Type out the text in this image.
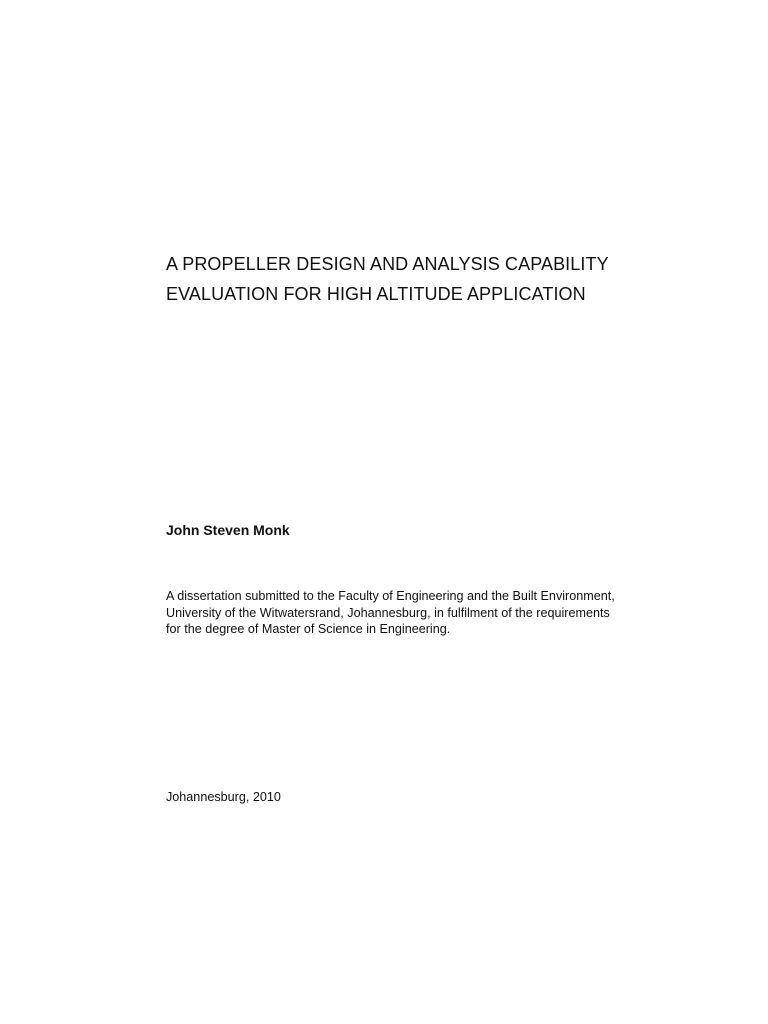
A PROPELLER DESIGN AND ANALYSIS CAPABILITY
EVALUATION FOR HIGH ALTITUDE APPLICATION
John Steven Monk
A dissertation submitted to the Faculty of Engineering and the Built Environment,
University of the Witwatersrand, Johannesburg, in fulfilment of the requirements
for the degree of Master of Science in Engineering.
Johannesburg, 2010
